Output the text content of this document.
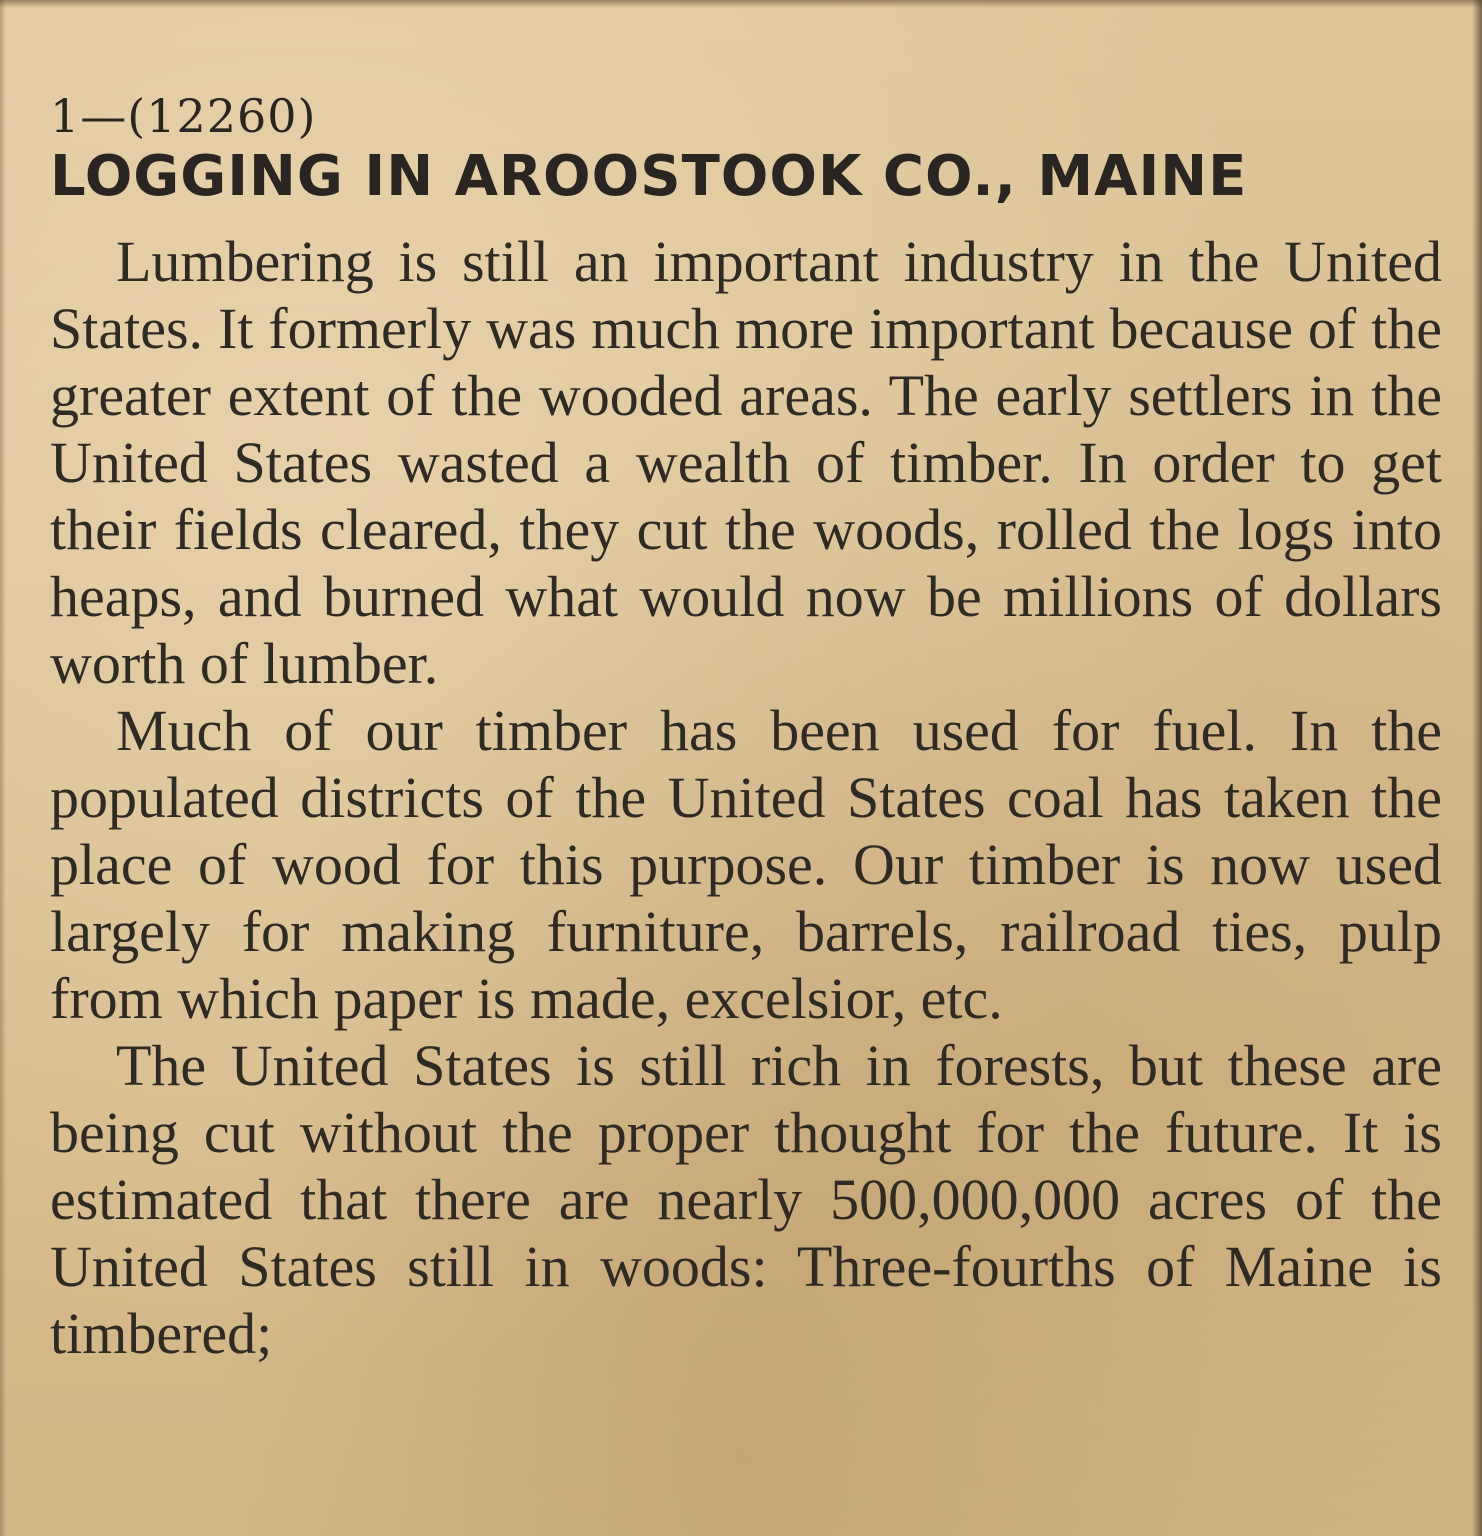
1—(12260)

LOGGING IN AROOSTOOK CO., MAINE

Lumbering is still an important industry in the United States. It formerly was much more important because of the greater extent of the wooded areas. The early settlers in the United States wasted a wealth of timber. In order to get their fields cleared, they cut the woods, rolled the logs into heaps, and burned what would now be millions of dollars worth of lumber.

Much of our timber has been used for fuel. In the populated districts of the United States coal has taken the place of wood for this purpose. Our timber is now used largely for making furniture, barrels, railroad ties, pulp from which paper is made, excelsior, etc.

The United States is still rich in forests, but these are being cut without the proper thought for the future. It is estimated that there are nearly 500,000,000 acres of the United States still in woods: Three-fourths of Maine is timbered;
